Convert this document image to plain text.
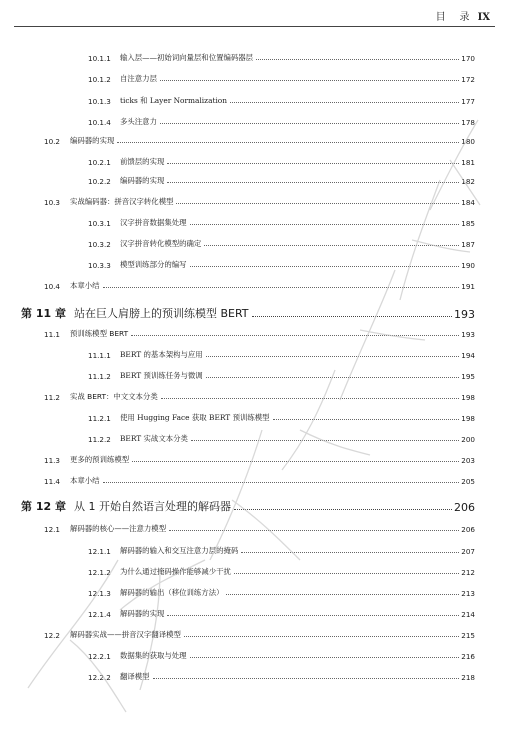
目　录 IX
10.1.1	输入层——初始词向量层和位置编码器层	170
10.1.2	自注意力层	172
10.1.3	ticks 和 Layer Normalization	177
10.1.4	多头注意力	178
10.2	编码器的实现	180
10.2.1	前馈层的实现	181
10.2.2	编码器的实现	182
10.3	实战编码器：拼音汉字转化模型	184
10.3.1	汉字拼音数据集处理	185
10.3.2	汉字拼音转化模型的确定	187
10.3.3	模型训练部分的编写	190
10.4	本章小结	191
第 11 章 站在巨人肩膀上的预训练模型 BERT	193
11.1	预训练模型 BERT	193
11.1.1	BERT 的基本架构与应用	194
11.1.2	BERT 预训练任务与微调	195
11.2	实战 BERT：中文文本分类	198
11.2.1	使用 Hugging Face 获取 BERT 预训练模型	198
11.2.2	BERT 实战文本分类	200
11.3	更多的预训练模型	203
11.4	本章小结	205
第 12 章 从 1 开始自然语言处理的解码器	206
12.1	解码器的核心——注意力模型	206
12.1.1	解码器的输入和交互注意力层的掩码	207
12.1.2	为什么通过掩码操作能够减少干扰	212
12.1.3	解码器的输出（移位训练方法）	213
12.1.4	解码器的实现	214
12.2	解码器实战——拼音汉字翻译模型	215
12.2.1	数据集的获取与处理	216
12.2.2	翻译模型	218
